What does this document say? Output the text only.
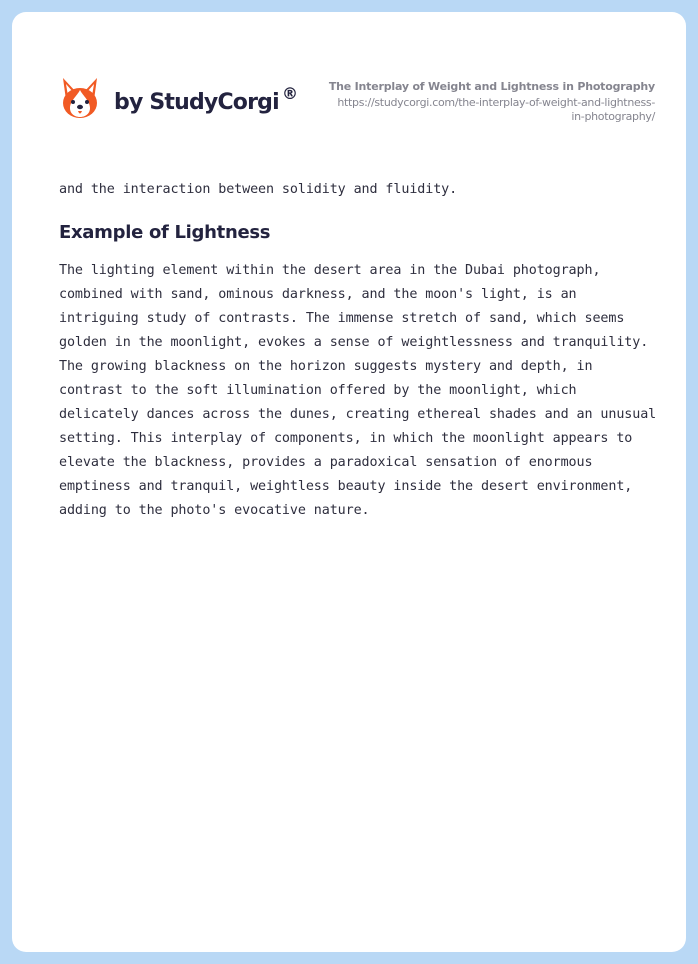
by StudyCorgi ®	The Interplay of Weight and Lightness in Photography
https://studycorgi.com/the-interplay-of-weight-and-lightness-in-photography/

and the interaction between solidity and fluidity.

Example of Lightness

The lighting element within the desert area in the Dubai photograph, combined with sand, ominous darkness, and the moon's light, is an intriguing study of contrasts. The immense stretch of sand, which seems golden in the moonlight, evokes a sense of weightlessness and tranquility. The growing blackness on the horizon suggests mystery and depth, in contrast to the soft illumination offered by the moonlight, which delicately dances across the dunes, creating ethereal shades and an unusual setting. This interplay of components, in which the moonlight appears to elevate the blackness, provides a paradoxical sensation of enormous emptiness and tranquil, weightless beauty inside the desert environment, adding to the photo's evocative nature.
